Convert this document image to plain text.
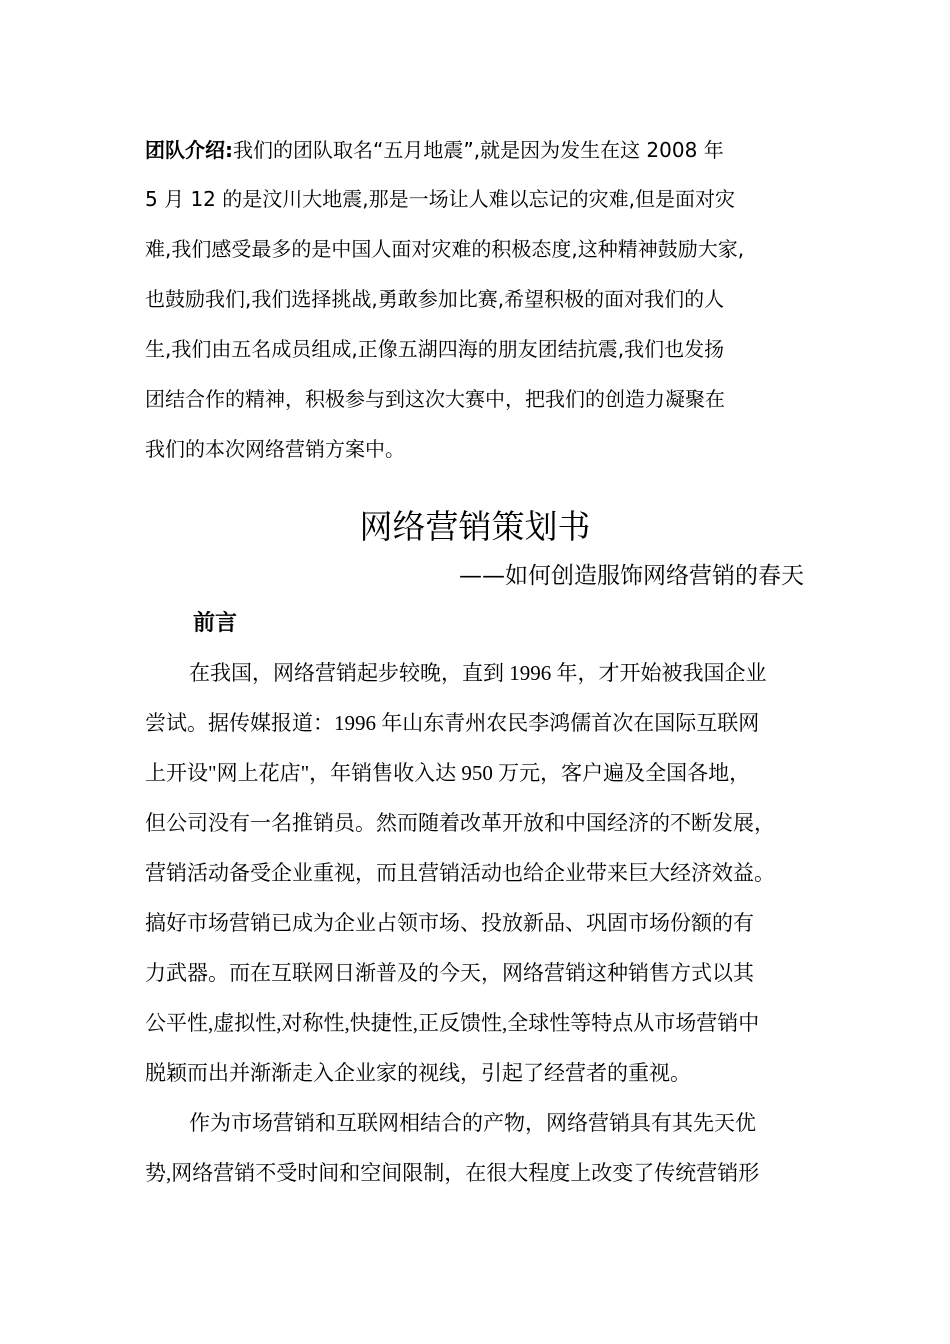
团队介绍:我们的团队取名“五月地震”,就是因为发生在这 2008 年
5 月 12 的是汶川大地震,那是一场让人难以忘记的灾难,但是面对灾
难,我们感受最多的是中国人面对灾难的积极态度,这种精神鼓励大家,
也鼓励我们,我们选择挑战,勇敢参加比赛,希望积极的面对我们的人
生,我们由五名成员组成,正像五湖四海的朋友团结抗震,我们也发扬
团结合作的精神，积极参与到这次大赛中，把我们的创造力凝聚在
我们的本次网络营销方案中。
网络营销策划书
——如何创造服饰网络营销的春天
前言
在我国，网络营销起步较晚，直到 1996 年，才开始被我国企业
尝试。据传媒报道：1996 年山东青州农民李鸿儒首次在国际互联网
上开设"网上花店"，年销售收入达 950 万元，客户遍及全国各地，
但公司没有一名推销员。然而随着改革开放和中国经济的不断发展，
营销活动备受企业重视，而且营销活动也给企业带来巨大经济效益。
搞好市场营销已成为企业占领市场、投放新品、巩固市场份额的有
力武器。而在互联网日渐普及的今天，网络营销这种销售方式以其
公平性,虚拟性,对称性,快捷性,正反馈性,全球性等特点从市场营销中
脱颖而出并渐渐走入企业家的视线，引起了经营者的重视。
作为市场营销和互联网相结合的产物，网络营销具有其先天优
势,网络营销不受时间和空间限制，在很大程度上改变了传统营销形
